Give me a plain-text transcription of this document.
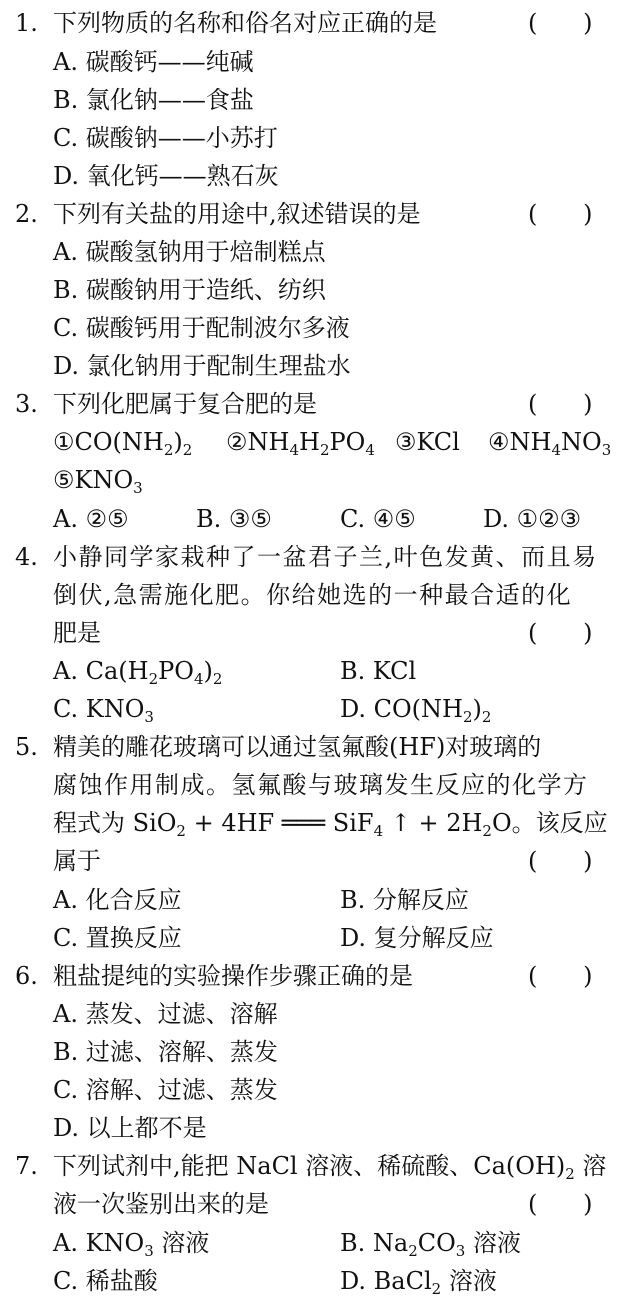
1. 下列物质的名称和俗名对应正确的是	(      )
A. 碳酸钙——纯碱
B. 氯化钠——食盐
C. 碳酸钠——小苏打
D. 氧化钙——熟石灰
2. 下列有关盐的用途中,叙述错误的是	(      )
A. 碳酸氢钠用于焙制糕点
B. 碳酸钠用于造纸、纺织
C. 碳酸钙用于配制波尔多液
D. 氯化钠用于配制生理盐水
3. 下列化肥属于复合肥的是	(      )
$①CO(NH_2)_2$ $②NH_4H_2PO_4$ ③KCl $④NH_4NO_3$
$⑤KNO_3$
A. ②⑤	B. ③⑤	C. ④⑤	D. ①②③
4. 小静同学家栽种了一盆君子兰,叶色发黄、而且易
倒伏,急需施化肥。你给她选的一种最合适的化
肥是	(      )
A. $Ca(H_2PO_4)_2$	B. KCl
C. $KNO_3$	D. $CO(NH_2)_2$
5. 精美的雕花玻璃可以通过氢氟酸(HF)对玻璃的
腐蚀作用制成。氢氟酸与玻璃发生反应的化学方
程式为 SiO$_2$ + 4HF ═══ SiF$_4$ ↑ + $2H_2O$。该反应
属于	(      )
A. 化合反应	B. 分解反应
C. 置换反应	D. 复分解反应
6. 粗盐提纯的实验操作步骤正确的是	(      )
A. 蒸发、过滤、溶解
B. 过滤、溶解、蒸发
C. 溶解、过滤、蒸发
D. 以上都不是
7. 下列试剂中,能把 NaCl 溶液、稀硫酸、$Ca(OH)_2$ 溶
液一次鉴别出来的是	(      )
A. $KNO_3$ 溶液	B. $Na_2CO_3$ 溶液
C. 稀盐酸	D. BaCl$_2$ 溶液
